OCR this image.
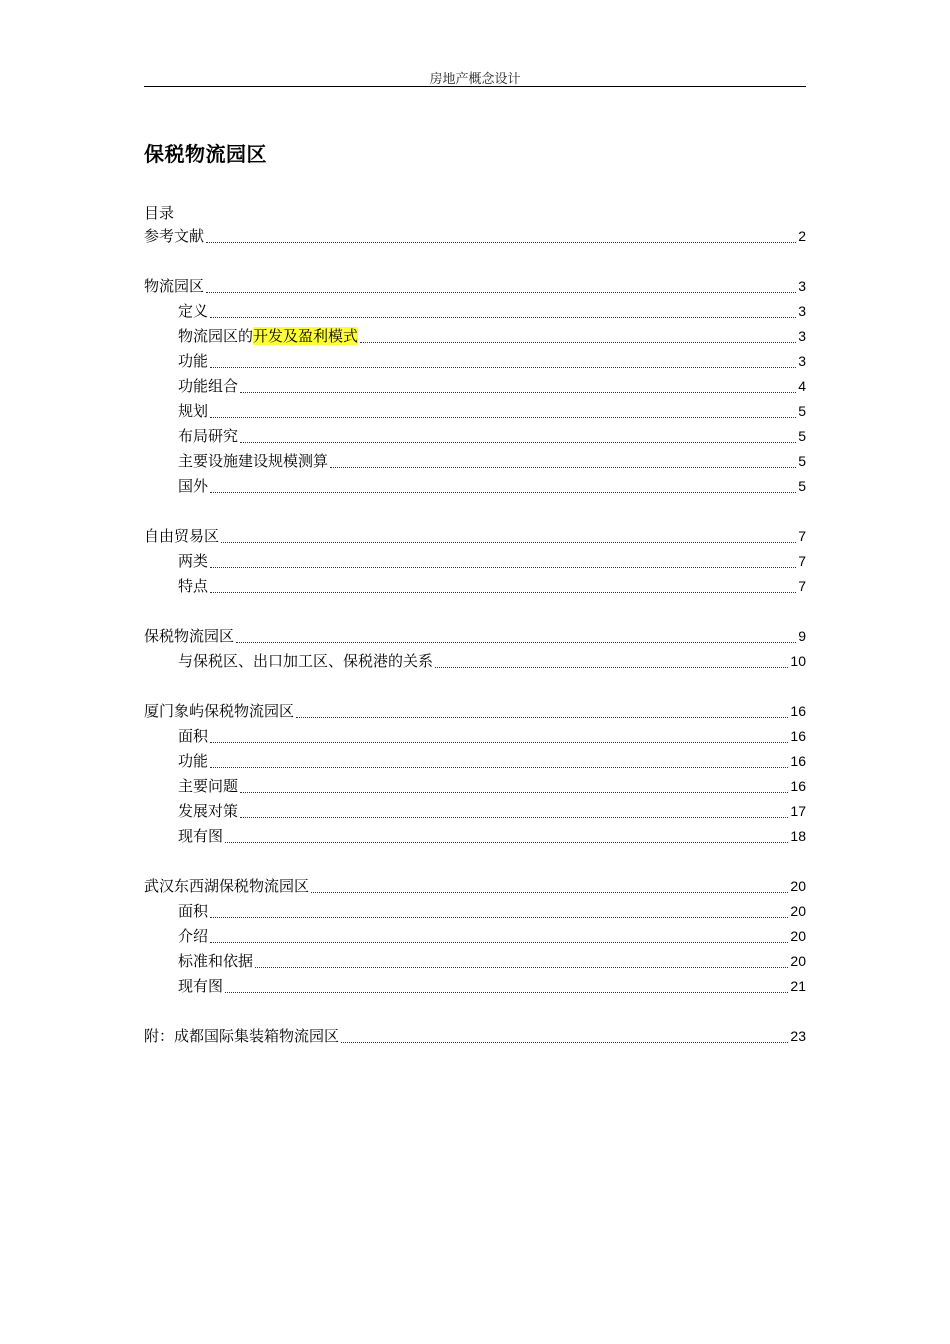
房地产概念设计
保税物流园区
目录
参考文献	2
物流园区	3
定义	3
物流园区的开发及盈利模式	3
功能	3
功能组合	4
规划	5
布局研究	5
主要设施建设规模测算	5
国外	5
自由贸易区	7
两类	7
特点	7
保税物流园区	9
与保税区、出口加工区、保税港的关系	10
厦门象屿保税物流园区	16
面积	16
功能	16
主要问题	16
发展对策	17
现有图	18
武汉东西湖保税物流园区	20
面积	20
介绍	20
标准和依据	20
现有图	21
附：成都国际集装箱物流园区	23
